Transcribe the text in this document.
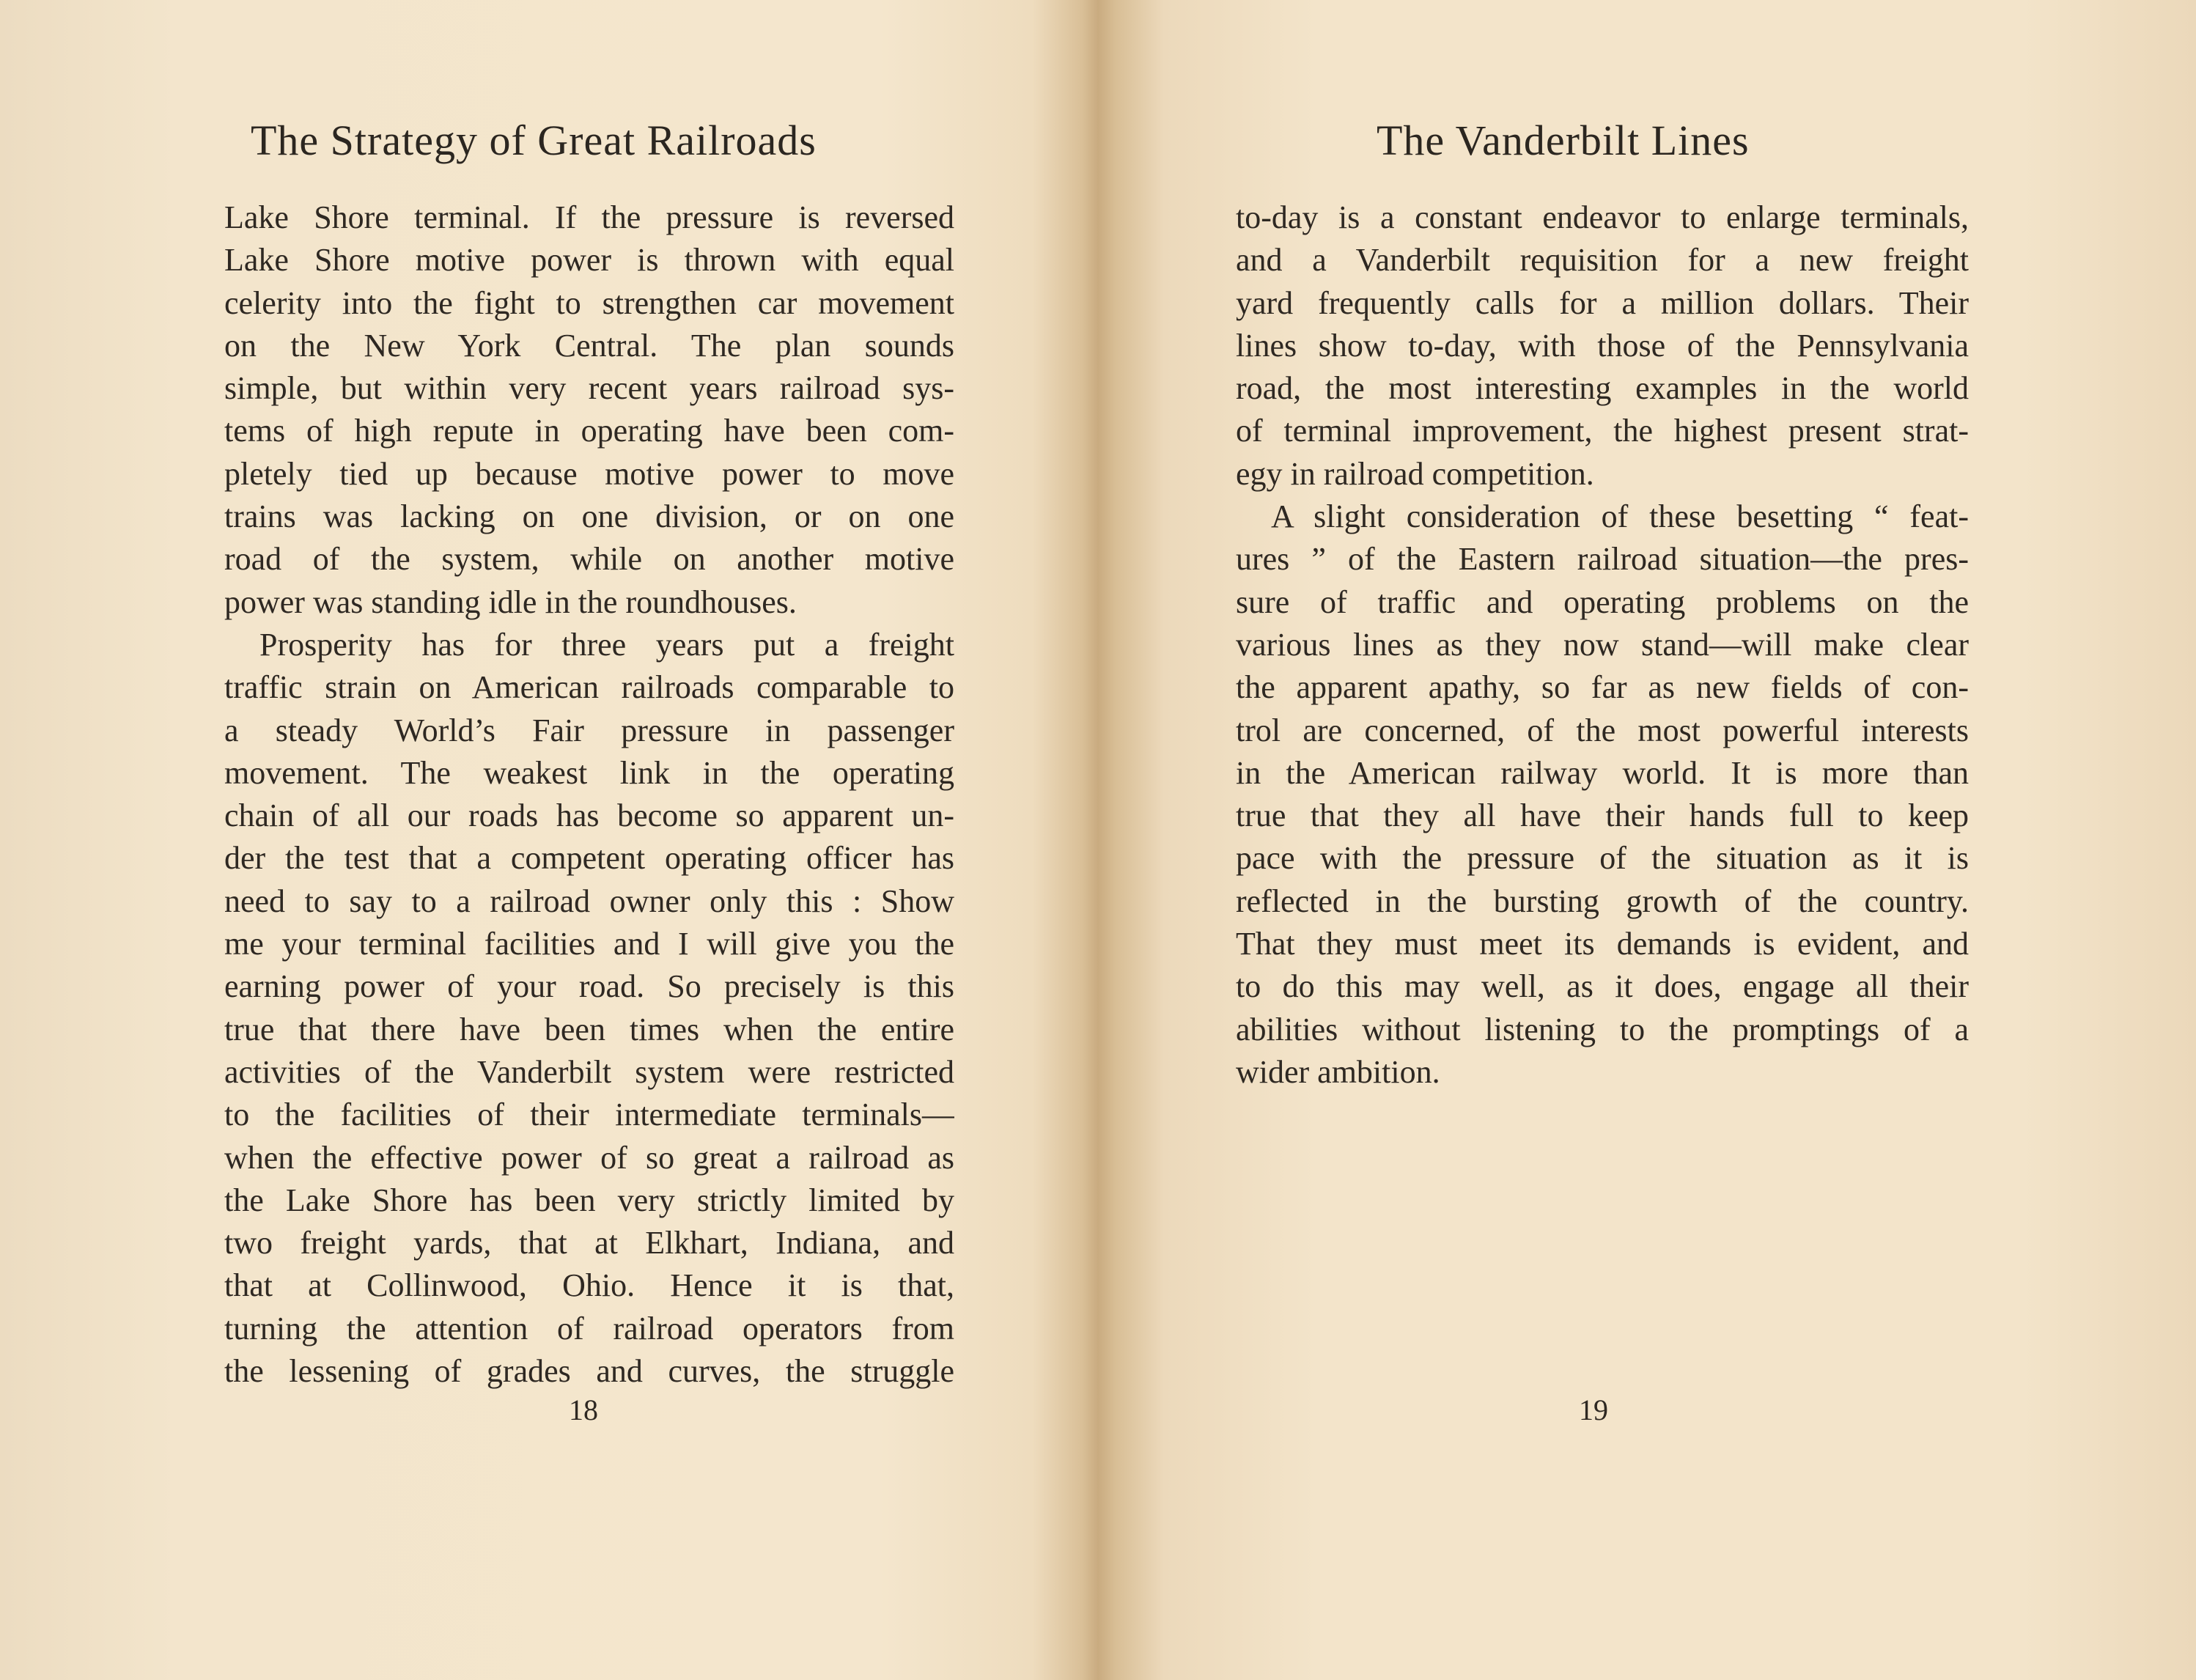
The Strategy of Great Railroads
Lake Shore terminal. If the pressure is reversed
Lake Shore motive power is thrown with equal
celerity into the fight to strengthen car movement
on the New York Central. The plan sounds
simple, but within very recent years railroad sys-
tems of high repute in operating have been com-
pletely tied up because motive power to move
trains was lacking on one division, or on one
road of the system, while on another motive
power was standing idle in the roundhouses.
Prosperity has for three years put a freight
traffic strain on American railroads comparable to
a steady World’s Fair pressure in passenger
movement. The weakest link in the operating
chain of all our roads has become so apparent un-
der the test that a competent operating officer has
need to say to a railroad owner only this : Show
me your terminal facilities and I will give you the
earning power of your road. So precisely is this
true that there have been times when the entire
activities of the Vanderbilt system were restricted
to the facilities of their intermediate terminals—
when the effective power of so great a railroad as
the Lake Shore has been very strictly limited by
two freight yards, that at Elkhart, Indiana, and
that at Collinwood, Ohio. Hence it is that,
turning the attention of railroad operators from
the lessening of grades and curves, the struggle
18
The Vanderbilt Lines
to-day is a constant endeavor to enlarge terminals,
and a Vanderbilt requisition for a new freight
yard frequently calls for a million dollars. Their
lines show to-day, with those of the Pennsylvania
road, the most interesting examples in the world
of terminal improvement, the highest present strat-
egy in railroad competition.
A slight consideration of these besetting “ feat-
ures ” of the Eastern railroad situation—the pres-
sure of traffic and operating problems on the
various lines as they now stand—will make clear
the apparent apathy, so far as new fields of con-
trol are concerned, of the most powerful interests
in the American railway world. It is more than
true that they all have their hands full to keep
pace with the pressure of the situation as it is
reflected in the bursting growth of the country.
That they must meet its demands is evident, and
to do this may well, as it does, engage all their
abilities without listening to the promptings of a
wider ambition.
19
